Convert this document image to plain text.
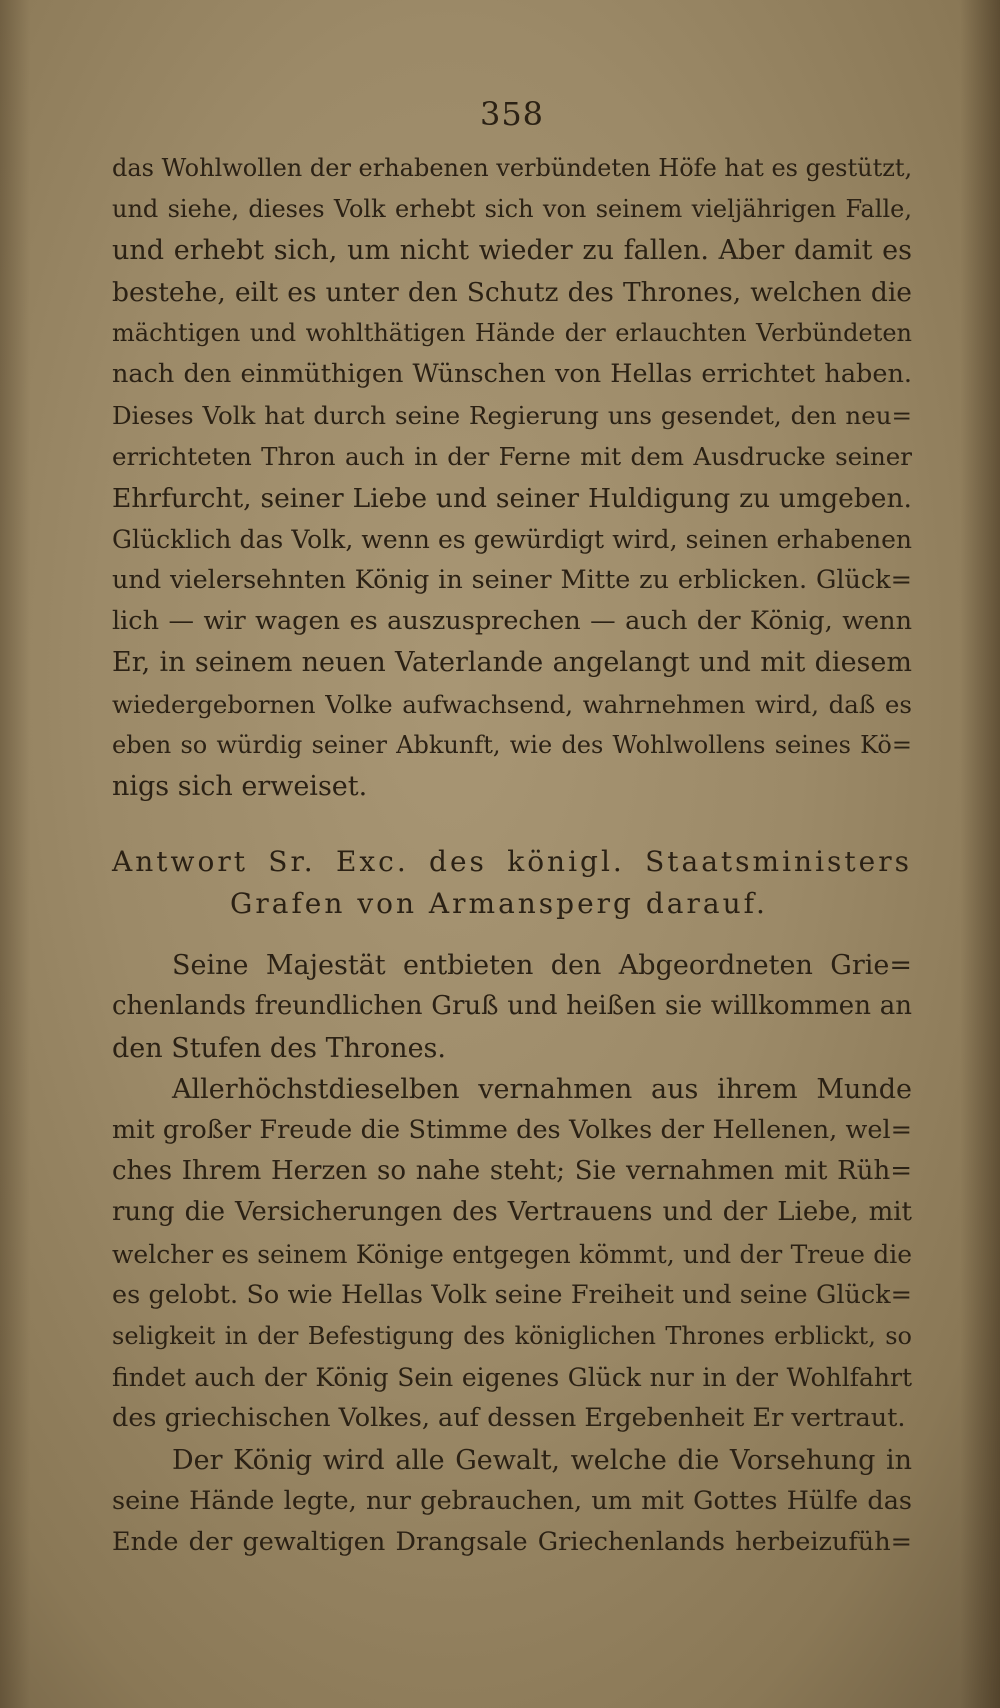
358
das Wohlwollen der erhabenen verbündeten Höfe hat es gestützt,
und siehe, dieses Volk erhebt sich von seinem vieljährigen Falle,
und erhebt sich, um nicht wieder zu fallen. Aber damit es
bestehe, eilt es unter den Schutz des Thrones, welchen die
mächtigen und wohlthätigen Hände der erlauchten Verbündeten
nach den einmüthigen Wünschen von Hellas errichtet haben.
Dieses Volk hat durch seine Regierung uns gesendet, den neu=
errichteten Thron auch in der Ferne mit dem Ausdrucke seiner
Ehrfurcht, seiner Liebe und seiner Huldigung zu umgeben.
Glücklich das Volk, wenn es gewürdigt wird, seinen erhabenen
und vielersehnten König in seiner Mitte zu erblicken. Glück=
lich — wir wagen es auszusprechen — auch der König, wenn
Er, in seinem neuen Vaterlande angelangt und mit diesem
wiedergebornen Volke aufwachsend, wahrnehmen wird, daß es
eben so würdig seiner Abkunft, wie des Wohlwollens seines Kö=
nigs sich erweiset.
Antwort Sr. Exc. des königl. Staatsministers
Grafen von Armansperg darauf.
Seine Majestät entbieten den Abgeordneten Grie=
chenlands freundlichen Gruß und heißen sie willkommen an
den Stufen des Thrones.
Allerhöchstdieselben vernahmen aus ihrem Munde
mit großer Freude die Stimme des Volkes der Hellenen, wel=
ches Ihrem Herzen so nahe steht; Sie vernahmen mit Rüh=
rung die Versicherungen des Vertrauens und der Liebe, mit
welcher es seinem Könige entgegen kömmt, und der Treue die
es gelobt. So wie Hellas Volk seine Freiheit und seine Glück=
seligkeit in der Befestigung des königlichen Thrones erblickt, so
findet auch der König Sein eigenes Glück nur in der Wohlfahrt
des griechischen Volkes, auf dessen Ergebenheit Er vertraut.
Der König wird alle Gewalt, welche die Vorsehung in
seine Hände legte, nur gebrauchen, um mit Gottes Hülfe das
Ende der gewaltigen Drangsale Griechenlands herbeizufüh=
